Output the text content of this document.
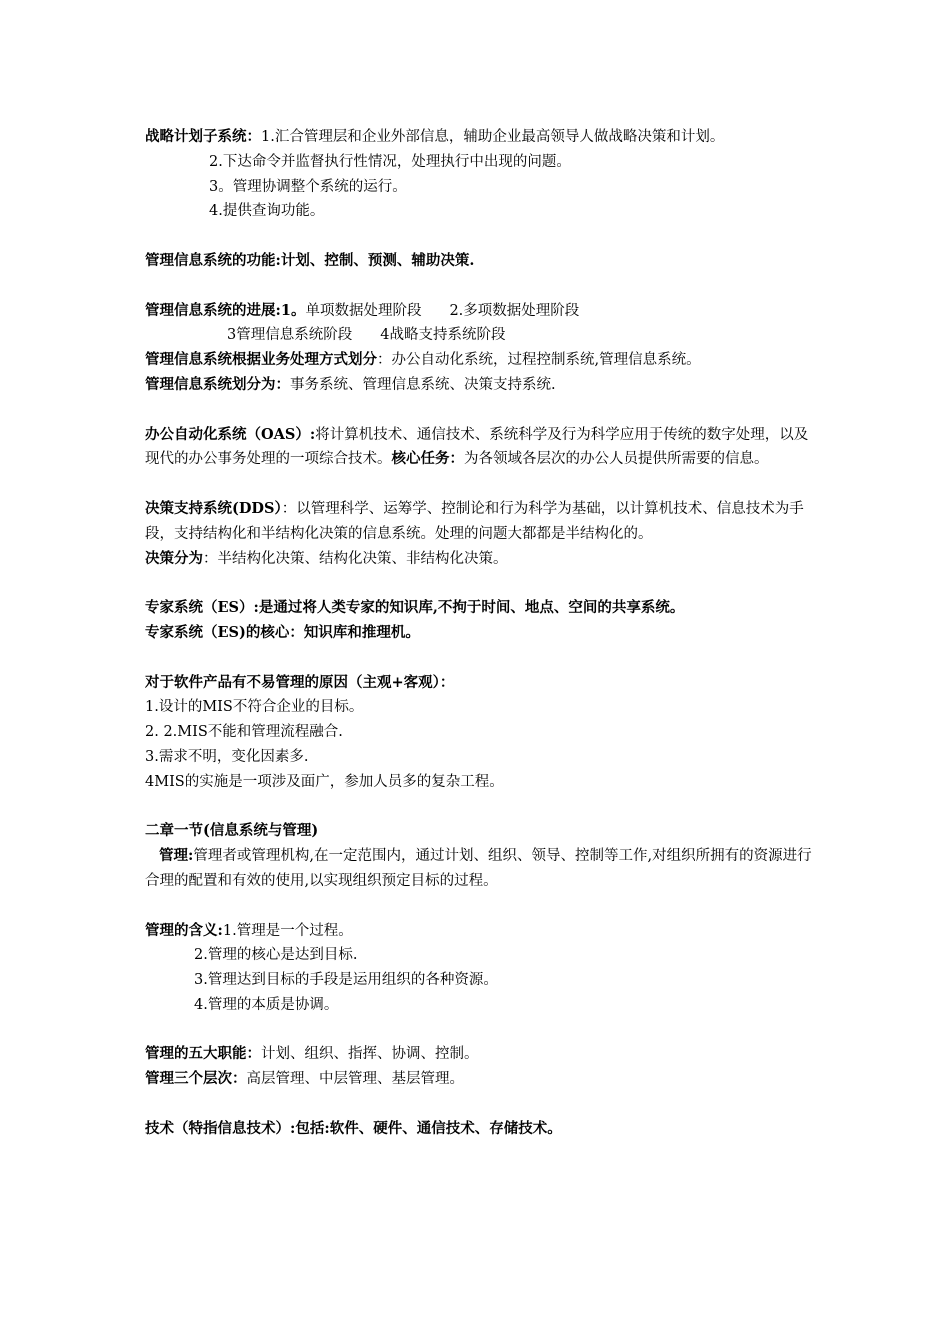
战略计划子系统：1.汇合管理层和企业外部信息，辅助企业最高领导人做战略决策和计划。
2.下达命令并监督执行性情况，处理执行中出现的问题。
3。管理协调整个系统的运行。
4.提供查询功能。
管理信息系统的功能:计划、控制、预测、辅助决策.
管理信息系统的进展:1。单项数据处理阶段 2.多项数据处理阶段
3管理信息系统阶段 4战略支持系统阶段
管理信息系统根据业务处理方式划分：办公自动化系统，过程控制系统,管理信息系统。
管理信息系统划分为：事务系统、管理信息系统、决策支持系统.
办公自动化系统（OAS）:将计算机技术、通信技术、系统科学及行为科学应用于传统的数字处理，以及现代的办公事务处理的一项综合技术。核心任务：为各领域各层次的办公人员提供所需要的信息。
决策支持系统(DDS）：以管理科学、运筹学、控制论和行为科学为基础，以计算机技术、信息技术为手段，支持结构化和半结构化决策的信息系统。处理的问题大都都是半结构化的。
决策分为：半结构化决策、结构化决策、非结构化决策。
专家系统（ES）:是通过将人类专家的知识库,不拘于时间、地点、空间的共享系统。
专家系统（ES)的核心：知识库和推理机。
对于软件产品有不易管理的原因（主观+客观）：
1.设计的MIS不符合企业的目标。
2. 2.MIS不能和管理流程融合.
3.需求不明，变化因素多.
4MIS的实施是一项涉及面广，参加人员多的复杂工程。
二章一节(信息系统与管理)
管理:管理者或管理机构,在一定范围内，通过计划、组织、领导、控制等工作,对组织所拥有的资源进行合理的配置和有效的使用,以实现组织预定目标的过程。
管理的含义:1.管理是一个过程。
2.管理的核心是达到目标.
3.管理达到目标的手段是运用组织的各种资源。
4.管理的本质是协调。
管理的五大职能：计划、组织、指挥、协调、控制。
管理三个层次：高层管理、中层管理、基层管理。
技术（特指信息技术）:包括:软件、硬件、通信技术、存储技术。
